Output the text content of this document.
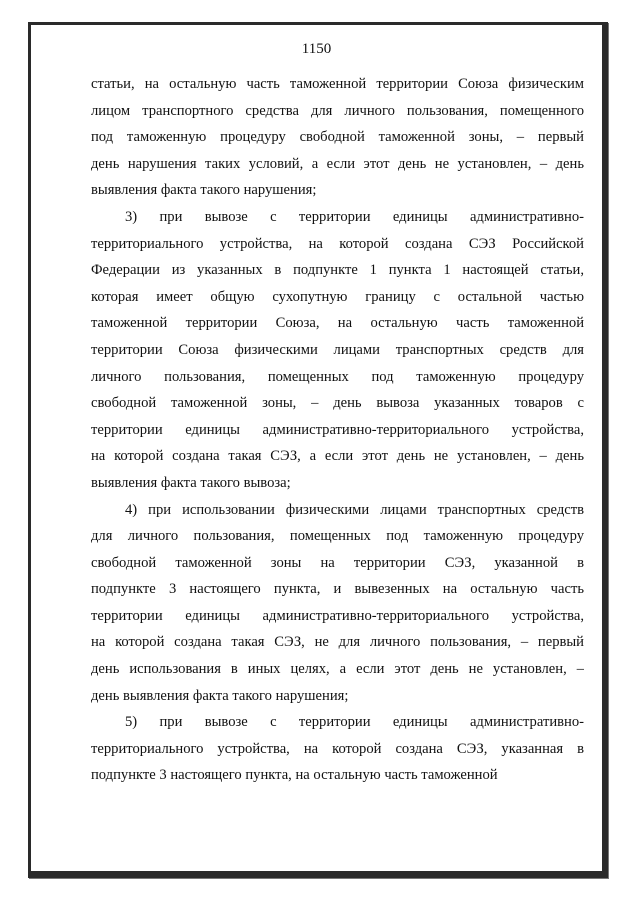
1150
статьи, на остальную часть таможенной территории Союза физическим
лицом транспортного средства для личного пользования, помещенного
под таможенную процедуру свободной таможенной зоны, – первый
день нарушения таких условий, а если этот день не установлен, – день
выявления факта такого нарушения;
3) при вывозе с территории единицы административно-
территориального устройства, на которой создана СЭЗ Российской
Федерации из указанных в подпункте 1 пункта 1 настоящей статьи,
которая имеет общую сухопутную границу с остальной частью
таможенной территории Союза, на остальную часть таможенной
территории Союза физическими лицами транспортных средств для
личного пользования, помещенных под таможенную процедуру
свободной таможенной зоны, – день вывоза указанных товаров с
территории единицы административно-территориального устройства,
на которой создана такая СЭЗ, а если этот день не установлен, – день
выявления факта такого вывоза;
4) при использовании физическими лицами транспортных средств
для личного пользования, помещенных под таможенную процедуру
свободной таможенной зоны на территории СЭЗ, указанной в
подпункте 3 настоящего пункта, и вывезенных на остальную часть
территории единицы административно-территориального устройства,
на которой создана такая СЭЗ, не для личного пользования, – первый
день использования в иных целях, а если этот день не установлен, –
день выявления факта такого нарушения;
5) при вывозе с территории единицы административно-
территориального устройства, на которой создана СЭЗ, указанная в
подпункте 3 настоящего пункта, на остальную часть таможенной
